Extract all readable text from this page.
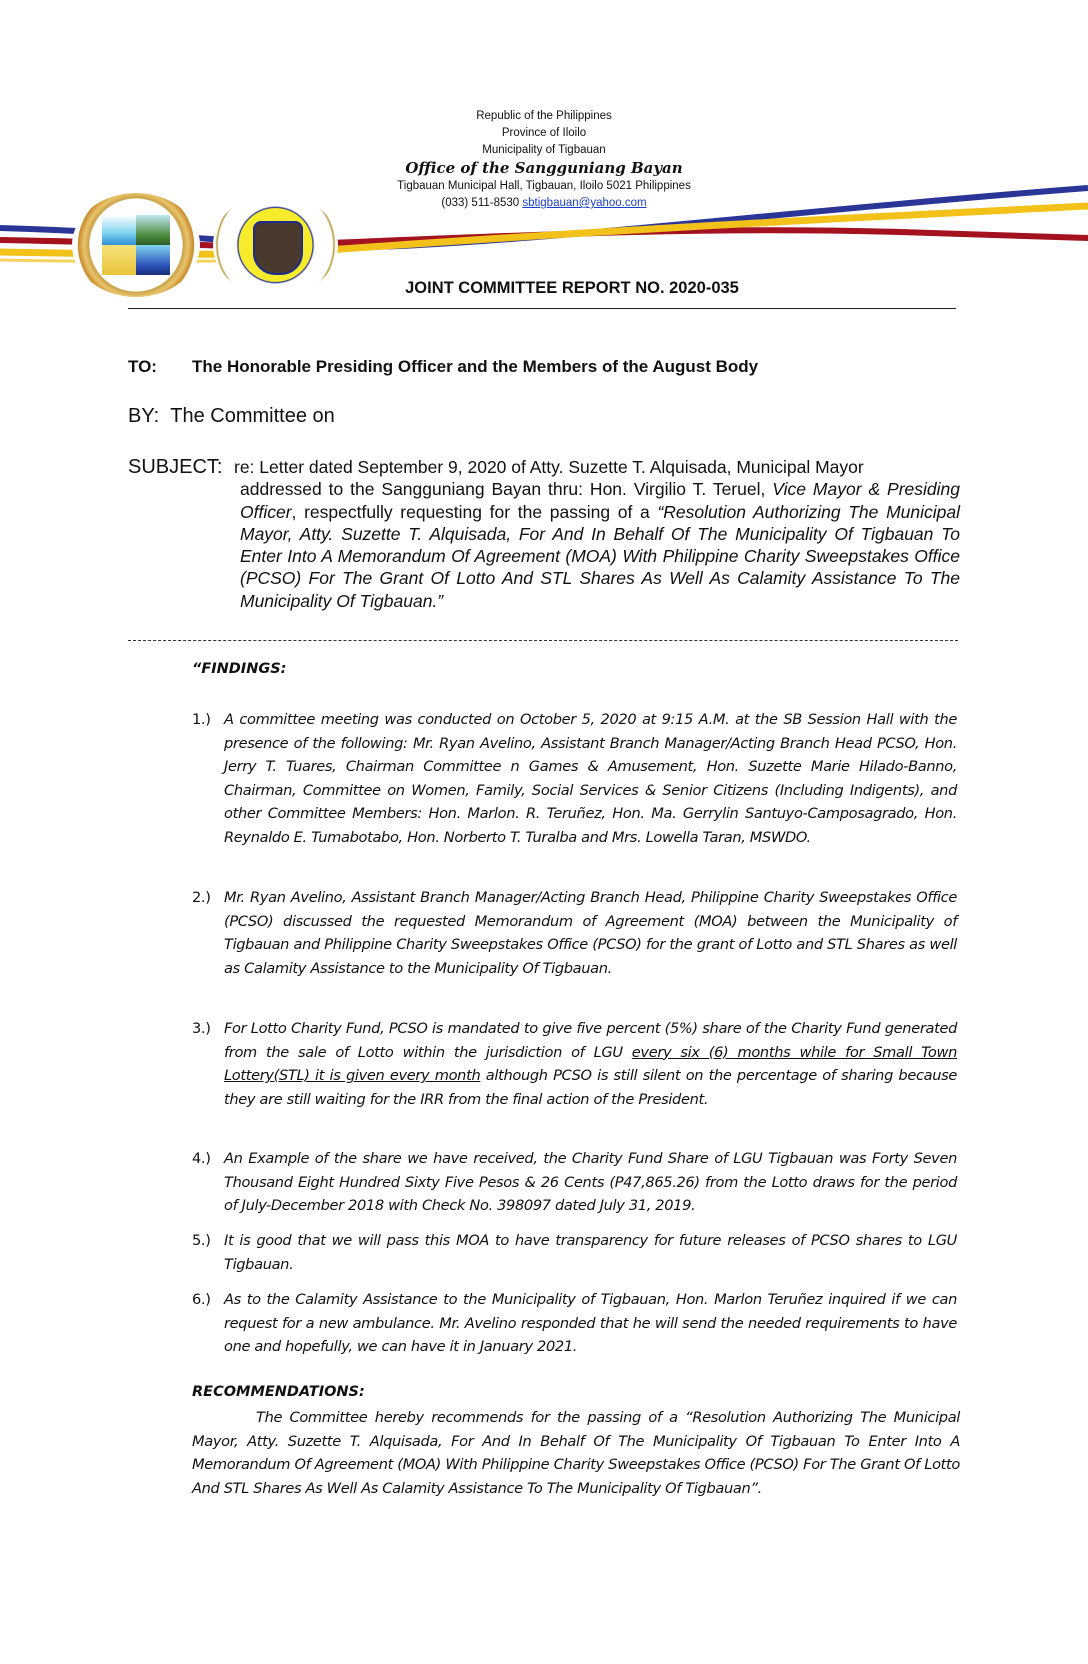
Republic of the Philippines
Province of Iloilo
Municipality of Tigbauan
Office of the Sangguniang Bayan
Tigbauan Municipal Hall, Tigbauan, Iloilo 5021 Philippines
(033) 511-8530 sbtigbauan@yahoo.com
JOINT COMMITTEE REPORT NO. 2020-035
TO: The Honorable Presiding Officer and the Members of the August Body
BY: The Committee on
SUBJECT: re: Letter dated September 9, 2020 of Atty. Suzette T. Alquisada, Municipal Mayor
addressed to the Sangguniang Bayan thru: Hon. Virgilio T. Teruel, Vice Mayor & Presiding Officer, respectfully requesting for the passing of a “Resolution Authorizing The Municipal Mayor, Atty. Suzette T. Alquisada, For And In Behalf Of The Municipality Of Tigbauan To Enter Into A Memorandum Of Agreement (MOA) With Philippine Charity Sweepstakes Office (PCSO) For The Grant Of Lotto And STL Shares As Well As Calamity Assistance To The Municipality Of Tigbauan.”
“FINDINGS:
1.) A committee meeting was conducted on October 5, 2020 at 9:15 A.M. at the SB Session Hall with the presence of the following: Mr. Ryan Avelino, Assistant Branch Manager/Acting Branch Head PCSO, Hon. Jerry T. Tuares, Chairman Committee n Games & Amusement, Hon. Suzette Marie Hilado-Banno, Chairman, Committee on Women, Family, Social Services & Senior Citizens (Including Indigents), and other Committee Members: Hon. Marlon. R. Teruñez, Hon. Ma. Gerrylin Santuyo-Camposagrado, Hon. Reynaldo E. Tumabotabo, Hon. Norberto T. Turalba and Mrs. Lowella Taran, MSWDO.
2.) Mr. Ryan Avelino, Assistant Branch Manager/Acting Branch Head, Philippine Charity Sweepstakes Office (PCSO) discussed the requested Memorandum of Agreement (MOA) between the Municipality of Tigbauan and Philippine Charity Sweepstakes Office (PCSO) for the grant of Lotto and STL Shares as well as Calamity Assistance to the Municipality Of Tigbauan.
3.) For Lotto Charity Fund, PCSO is mandated to give five percent (5%) share of the Charity Fund generated from the sale of Lotto within the jurisdiction of LGU every six (6) months while for Small Town Lottery(STL) it is given every month although PCSO is still silent on the percentage of sharing because they are still waiting for the IRR from the final action of the President.
4.) An Example of the share we have received, the Charity Fund Share of LGU Tigbauan was Forty Seven Thousand Eight Hundred Sixty Five Pesos & 26 Cents (P47,865.26) from the Lotto draws for the period of July-December 2018 with Check No. 398097 dated July 31, 2019.
5.) It is good that we will pass this MOA to have transparency for future releases of PCSO shares to LGU Tigbauan.
6.) As to the Calamity Assistance to the Municipality of Tigbauan, Hon. Marlon Teruñez inquired if we can request for a new ambulance. Mr. Avelino responded that he will send the needed requirements to have one and hopefully, we can have it in January 2021.
RECOMMENDATIONS:
The Committee hereby recommends for the passing of a “Resolution Authorizing The Municipal Mayor, Atty. Suzette T. Alquisada, For And In Behalf Of The Municipality Of Tigbauan To Enter Into A Memorandum Of Agreement (MOA) With Philippine Charity Sweepstakes Office (PCSO) For The Grant Of Lotto And STL Shares As Well As Calamity Assistance To The Municipality Of Tigbauan”.
